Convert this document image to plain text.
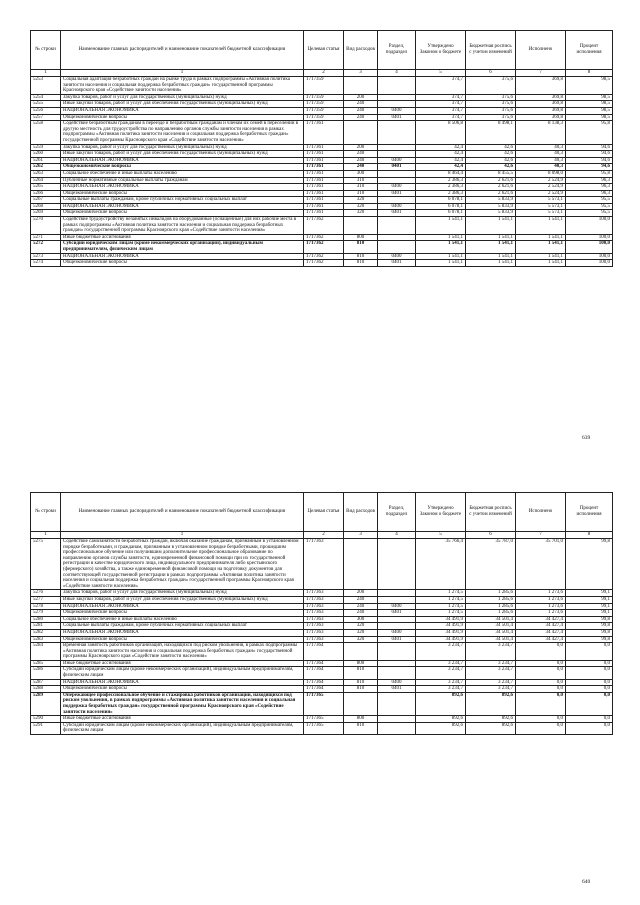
№ строки	Наименование главных распорядителей и наименование показателей бюджетной классификации	Целевая статья	Вид расходов	Раздел, подраздел	Утверждено Законом о бюджете	Бюджетная роспись с учетом изменений	Исполнено	Процент исполнения
1	1	2	3	4	5	6	7	8
5253	Социальная адаптация безработных граждан на рынке труда в рамках подпрограммы «Активная политика занятости населения и социальная поддержка безработных граждан» государственной программы Красноярского края «Содействие занятости населения»	1717359			374,7	375,6	369,8	98,5
5254	Закупка товаров, работ и услуг для государственных (муниципальных) нужд	1717359	200		374,7	375,6	369,8	98,5
5255	Иные закупки товаров, работ и услуг для обеспечения государственных (муниципальных) нужд	1717359	240		374,7	375,6	369,8	98,5
5256	НАЦИОНАЛЬНАЯ ЭКОНОМИКА	1717359	240	0400	374,7	375,6	369,8	98,5
5257	Общеэкономические вопросы	1717359	240	0401	374,7	375,6	369,8	98,5
5258	Содействие безработным гражданам в переезде и безработным гражданам и членам их семей в переселении в другую местность для трудоустройства по направлению органов службы занятости населения в рамках подпрограммы «Активная политика занятости населения и социальная поддержка безработных граждан» государственной программы Красноярского края «Содействие занятости населения»	1717361			8 506,8	8 498,1	8 138,3	95,8
5259	Закупка товаров, работ и услуг для государственных (муниципальных) нужд	1717361	200		42,4	42,6	40,3	94,6
5260	Иные закупки товаров, работ и услуг для обеспечения государственных (муниципальных) нужд	1717361	240		42,4	42,6	40,3	94,6
5261	НАЦИОНАЛЬНАЯ ЭКОНОМИКА	1717361	240	0400	42,4	42,6	40,3	94,6
5262	Общеэкономические вопросы	1717361	240	0401	42,4	42,6	40,3	94,6
5263	Социальное обеспечение и иные выплаты населению	1717361	300		8 464,4	8 455,5	8 098,0	95,8
5264	Публичные нормативные социальные выплаты гражданам	1717361	310		2 386,3	2 621,6	2 524,9	96,3
5265	НАЦИОНАЛЬНАЯ ЭКОНОМИКА	1717361	310	0400	2 386,3	2 621,6	2 524,9	96,3
5266	Общеэкономические вопросы	1717361	310	0401	2 386,3	2 621,6	2 524,9	96,3
5267	Социальные выплаты гражданам, кроме публичных нормативных социальных выплат	1717361	320		6 078,1	5 833,9	5 573,1	95,5
5268	НАЦИОНАЛЬНАЯ ЭКОНОМИКА	1717361	320	0400	6 078,1	5 833,9	5 573,1	95,5
5269	Общеэкономические вопросы	1717361	320	0401	6 078,1	5 833,9	5 573,1	95,5
5270	Содействие трудоустройству незанятых инвалидов на оборудованные (оснащенные) для них рабочие места в рамках подпрограммы «Активная политика занятости населения и социальная поддержка безработных граждан» государственной программы Красноярского края «Содействие занятости населения»	1717362			1 541,1	1 541,1	1 541,1	100,0
5271	Иные бюджетные ассигнования	1717362	800		1 541,1	1 541,1	1 541,1	100,0
5272	Субсидии юридическим лицам (кроме некоммерческих организаций), индивидуальным предпринимателям, физическим лицам	1717362	810		1 541,1	1 541,1	1 541,1	100,0
5273	НАЦИОНАЛЬНАЯ ЭКОНОМИКА	1717362	810	0400	1 541,1	1 541,1	1 541,1	100,0
5274	Общеэкономические вопросы	1717362	810	0401	1 541,1	1 541,1	1 541,1	100,0
639
№ строки	Наименование главных распорядителей и наименование показателей бюджетной классификации	Целевая статья	Вид расходов	Раздел, подраздел	Утверждено Законом о бюджете	Бюджетная роспись с учетом изменений	Исполнено	Процент исполнения
1	1	2	3	4	5	6	7	8
5275	Содействие самозанятости безработных граждан, включая оказание гражданам, признанным в установленном порядке безработными, и гражданам, признанным в установленном порядке безработными, прошедшим профессиональное обучение или получившим дополнительное профессиональное образование по направлению органов службы занятости, единовременной финансовой помощи при их государственной регистрации в качестве юридического лица, индивидуального предпринимателя либо крестьянского (фермерского) хозяйства, а также единовременной финансовой помощи на подготовку документов для соответствующей государственной регистрации в рамках подпрограммы «Активная политика занятости населения и социальная поддержка безработных граждан» государственной программы Красноярского края «Содействие занятости населения»	1717363			35 766,4	35 787,0	35 701,0	99,8
5276	Закупка товаров, работ и услуг для государственных (муниципальных) нужд	1717363	200		1 274,5	1 285,6	1 273,6	99,1
5277	Иные закупки товаров, работ и услуг для обеспечения государственных (муниципальных) нужд	1717363	240		1 274,5	1 285,6	1 273,6	99,1
5278	НАЦИОНАЛЬНАЯ ЭКОНОМИКА	1717363	240	0400	1 274,5	1 285,6	1 273,6	99,1
5279	Общеэкономические вопросы	1717363	240	0401	1 274,5	1 285,6	1 273,6	99,1
5280	Социальное обеспечение и иные выплаты населению	1717363	300		34 491,9	34 501,4	34 427,4	99,8
5281	Социальные выплаты гражданам, кроме публичных нормативных социальных выплат	1717363	320		34 491,9	34 501,4	34 427,4	99,8
5282	НАЦИОНАЛЬНАЯ ЭКОНОМИКА	1717363	320	0400	34 491,9	34 501,4	34 427,4	99,8
5283	Общеэкономические вопросы	1717363	320	0401	34 491,9	34 501,4	34 427,4	99,8
5284	Временная занятость работников организаций, находящихся под риском увольнения, в рамках подпрограммы «Активная политика занятости населения и социальная поддержка безработных граждан» государственной программы Красноярского края «Содействие занятости населения»	1717364			3 234,7	3 234,7	0,0	0,0
5285	Иные бюджетные ассигнования	1717364	800		3 234,7	3 234,7	0,0	0,0
5286	Субсидии юридическим лицам (кроме некоммерческих организаций), индивидуальным предпринимателям, физическим лицам	1717364	810		3 234,7	3 234,7	0,0	0,0
5287	НАЦИОНАЛЬНАЯ ЭКОНОМИКА	1717364	810	0400	3 234,7	3 234,7	0,0	0,0
5288	Общеэкономические вопросы	1717364	810	0401	3 234,7	3 234,7	0,0	0,0
5289	Опережающее профессиональное обучение и стажировка работников организаций, находящихся под риском увольнения, в рамках подпрограммы «Активная политика занятости населения и социальная поддержка безработных граждан» государственной программы Красноярского края «Содействие занятости населения»	1717365			892,6	892,6	0,0	0,0
5290	Иные бюджетные ассигнования	1717365	800		892,6	892,6	0,0	0,0
5291	Субсидии юридическим лицам (кроме некоммерческих организаций), индивидуальным предпринимателям, физическим лицам	1717365	810		892,6	892,6	0,0	0,0
640
